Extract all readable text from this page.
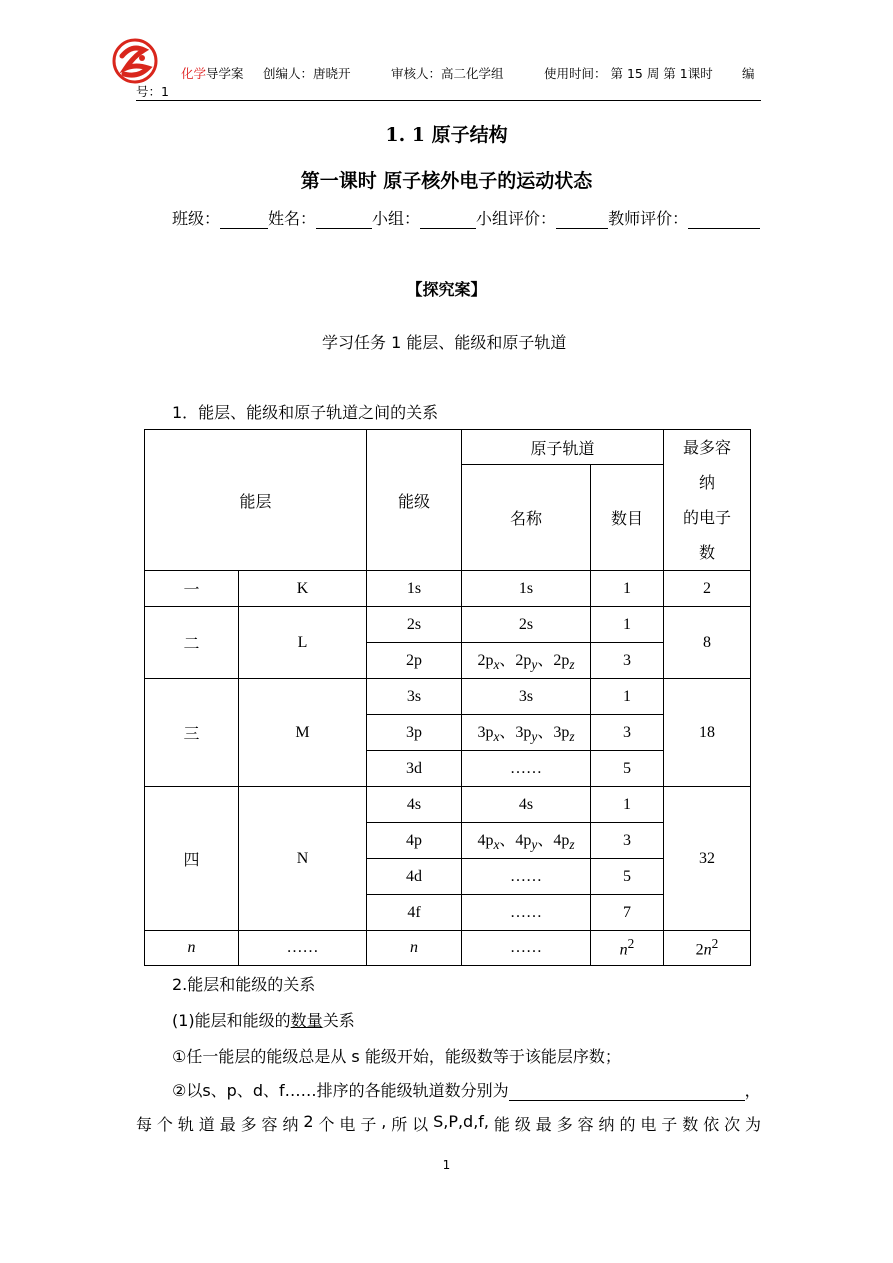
化学导学案 创编人：唐晓开	审核人：高二化学组	使用时间： 第 15 周 第 1课时 编
号：1
1. 1 原子结构
第一课时 原子核外电子的运动状态
班级：	姓名：	小组：	小组评价：	教师评价：
【探究案】
学习任务 1 能层、能级和原子轨道
1．能层、能级和原子轨道之间的关系
能层		能级	原子轨道		最多容
纳
的电子
数

			名称	数目	
一	K	1s	1s	1	2
二	L	2s	2s	1	8
		2p	$2p_x$、$2p_y$、$2p_z$	3	
三	M	3s	3s	1	18
		3p	$3p_x$、$3p_y$、$3p_z$	3	
		3d	……	5	
四	N	4s	4s	1	32
		4p	$4p_x$、$4p_y$、$4p_z$	3	
		4d	……	5	
		4f	……	7	
n	……	n	……	$n^2$	$2n^2$
2.能层和能级的关系
(1)能层和能级的数量关系
①任一能层的能级总是从 s 能级开始，能级数等于该能层序数；
②以s、p、d、f……排序的各能级轨道数分别为	，
每 个 轨 道 最 多 容 纳 2 个 电 子 , 所 以 S,P,d,f, 能 级 最 多 容 纳 的 电 子 数 依 次 为
1
